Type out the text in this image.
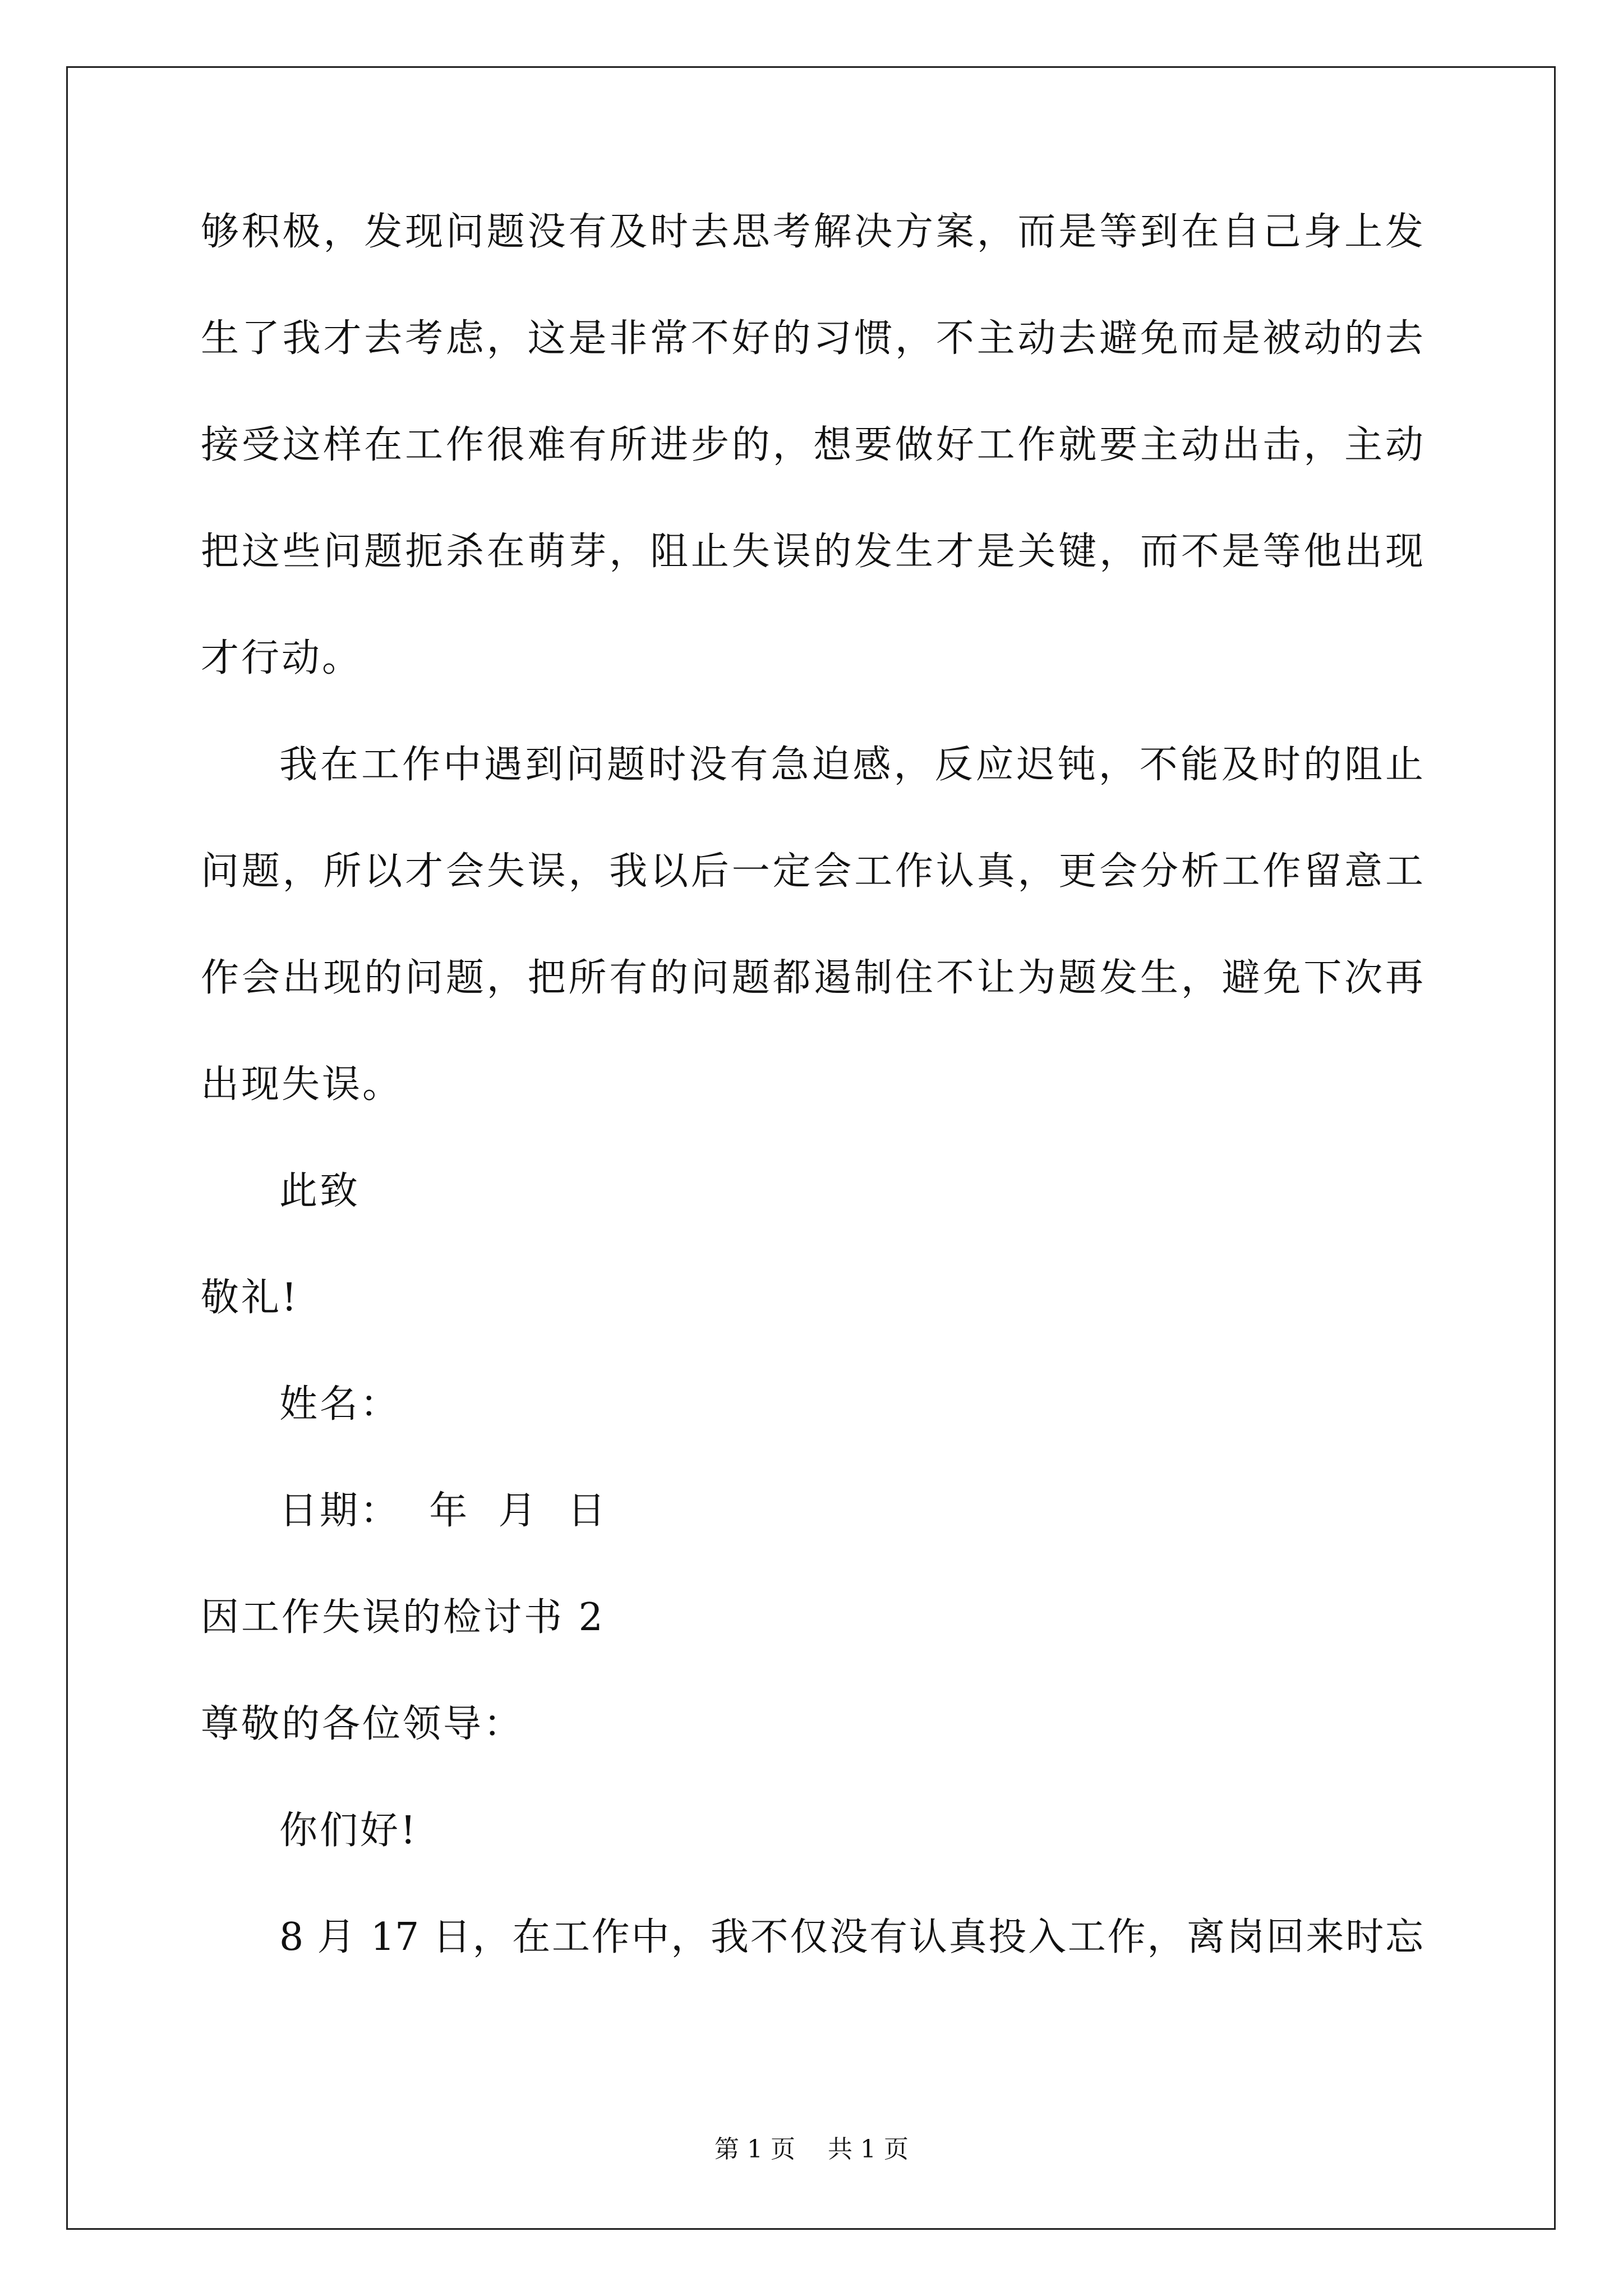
够积极，发现问题没有及时去思考解决方案，而是等到在自己身上发
生了我才去考虑，这是非常不好的习惯，不主动去避免而是被动的去
接受这样在工作很难有所进步的，想要做好工作就要主动出击，主动
把这些问题扼杀在萌芽，阻止失误的发生才是关键，而不是等他出现
才行动。
我在工作中遇到问题时没有急迫感，反应迟钝，不能及时的阻止
问题，所以才会失误，我以后一定会工作认真，更会分析工作留意工
作会出现的问题，把所有的问题都遏制住不让为题发生，避免下次再
出现失误。
此致
敬礼!
姓名：
日期：  年  月  日
因工作失误的检讨书 2
尊敬的各位领导：
你们好!
8 月 17 日，在工作中，我不仅没有认真投入工作，离岗回来时忘
第 1 页 共 1 页
